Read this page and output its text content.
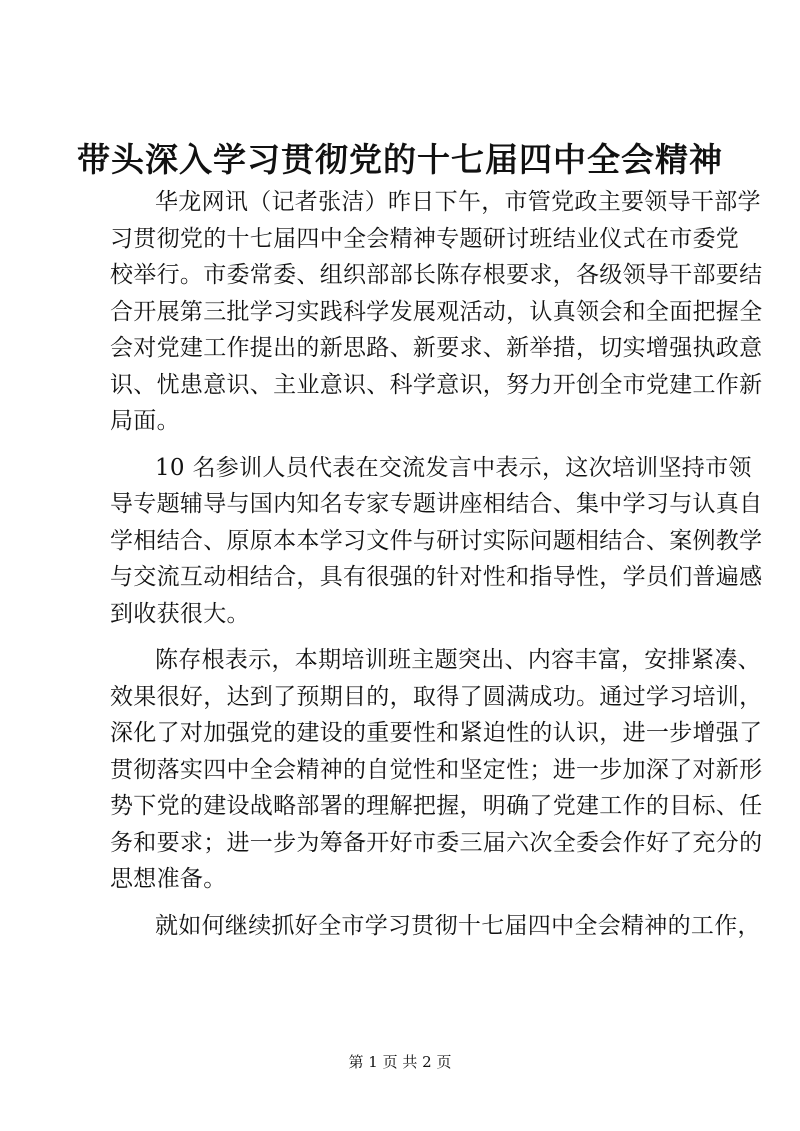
带头深入学习贯彻党的十七届四中全会精神
华龙网讯（记者张洁）昨日下午，市管党政主要领导干部学
习贯彻党的十七届四中全会精神专题研讨班结业仪式在市委党
校举行。市委常委、组织部部长陈存根要求，各级领导干部要结
合开展第三批学习实践科学发展观活动，认真领会和全面把握全
会对党建工作提出的新思路、新要求、新举措，切实增强执政意
识、忧患意识、主业意识、科学意识，努力开创全市党建工作新
局面。
10 名参训人员代表在交流发言中表示，这次培训坚持市领
导专题辅导与国内知名专家专题讲座相结合、集中学习与认真自
学相结合、原原本本学习文件与研讨实际问题相结合、案例教学
与交流互动相结合，具有很强的针对性和指导性，学员们普遍感
到收获很大。
陈存根表示，本期培训班主题突出、内容丰富，安排紧凑、
效果很好，达到了预期目的，取得了圆满成功。通过学习培训，
深化了对加强党的建设的重要性和紧迫性的认识，进一步增强了
贯彻落实四中全会精神的自觉性和坚定性；进一步加深了对新形
势下党的建设战略部署的理解把握，明确了党建工作的目标、任
务和要求；进一步为筹备开好市委三届六次全委会作好了充分的
思想准备。
就如何继续抓好全市学习贯彻十七届四中全会精神的工作，
第 1 页 共 2 页
